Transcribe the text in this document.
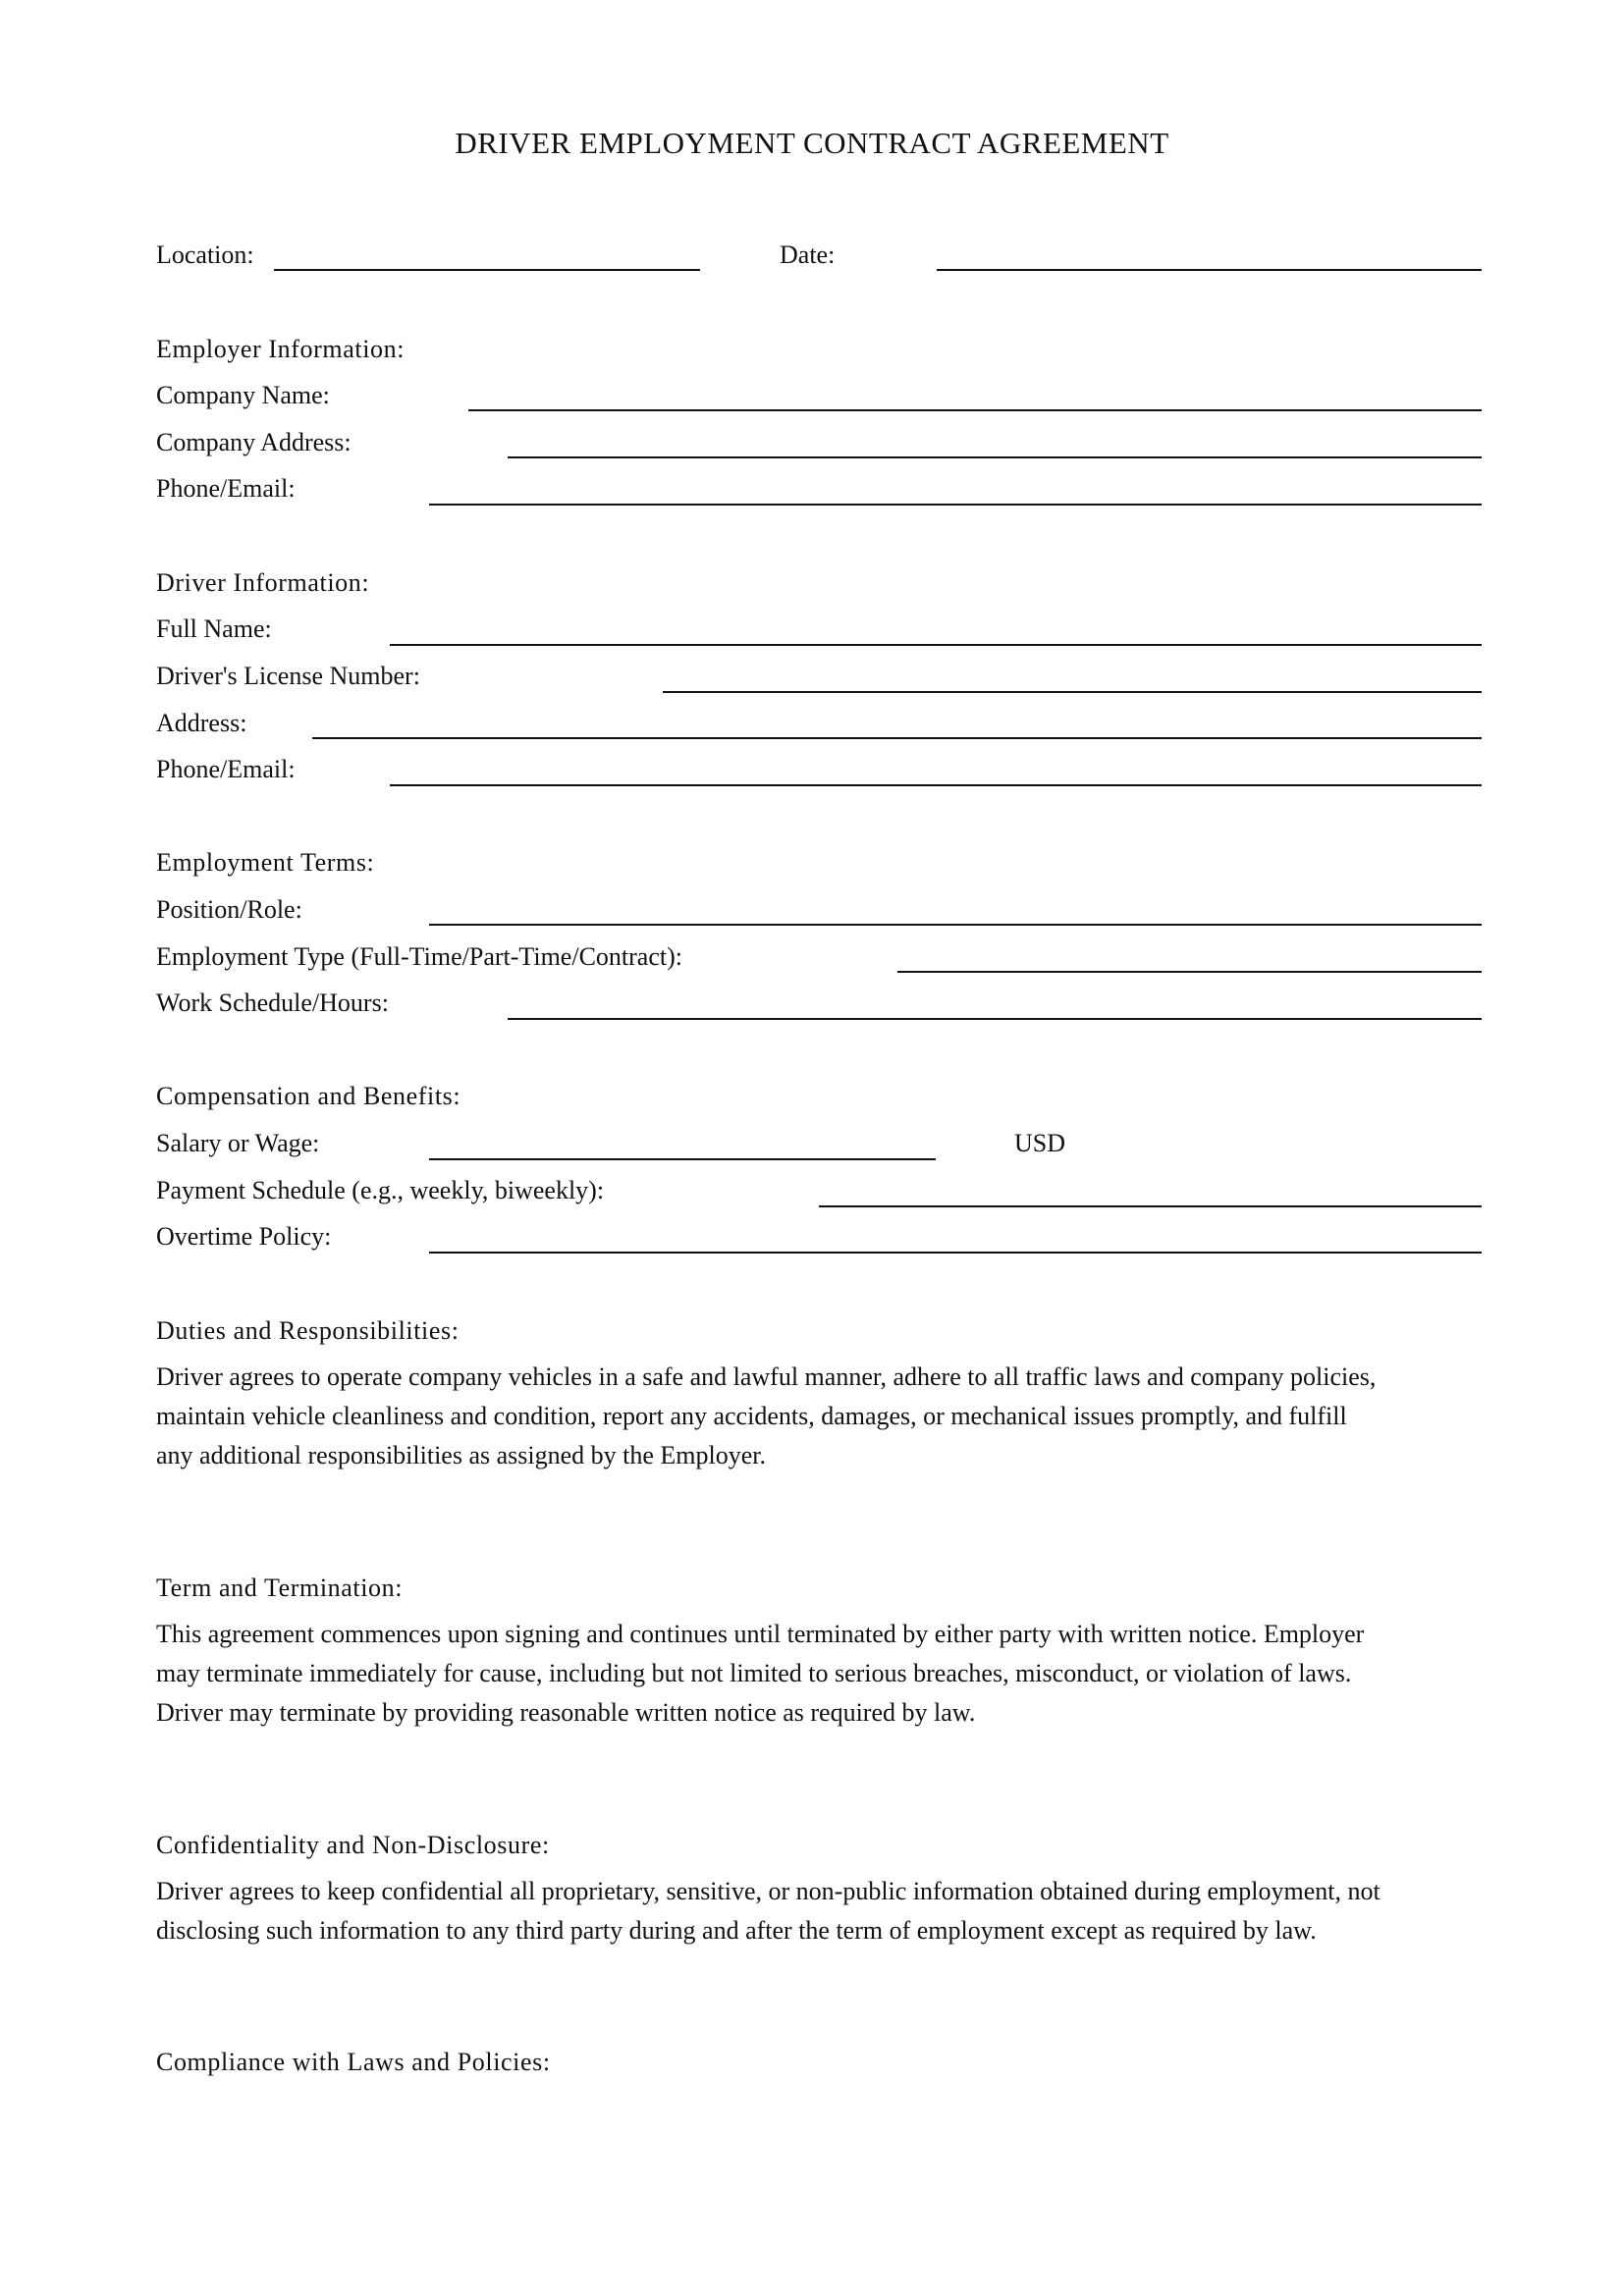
DRIVER EMPLOYMENT CONTRACT AGREEMENT
Location:	Date:
Employer Information:
Company Name:
Company Address:
Phone/Email:
Driver Information:
Full Name:
Driver's License Number:
Address:
Phone/Email:
Employment Terms:
Position/Role:
Employment Type (Full-Time/Part-Time/Contract):
Work Schedule/Hours:
Compensation and Benefits:
Salary or Wage:	USD
Payment Schedule (e.g., weekly, biweekly):
Overtime Policy:
Duties and Responsibilities:
Driver agrees to operate company vehicles in a safe and lawful manner, adhere to all traffic laws and company policies,
maintain vehicle cleanliness and condition, report any accidents, damages, or mechanical issues promptly, and fulfill
any additional responsibilities as assigned by the Employer.
Term and Termination:
This agreement commences upon signing and continues until terminated by either party with written notice. Employer
may terminate immediately for cause, including but not limited to serious breaches, misconduct, or violation of laws.
Driver may terminate by providing reasonable written notice as required by law.
Confidentiality and Non-Disclosure:
Driver agrees to keep confidential all proprietary, sensitive, or non-public information obtained during employment, not
disclosing such information to any third party during and after the term of employment except as required by law.
Compliance with Laws and Policies:
